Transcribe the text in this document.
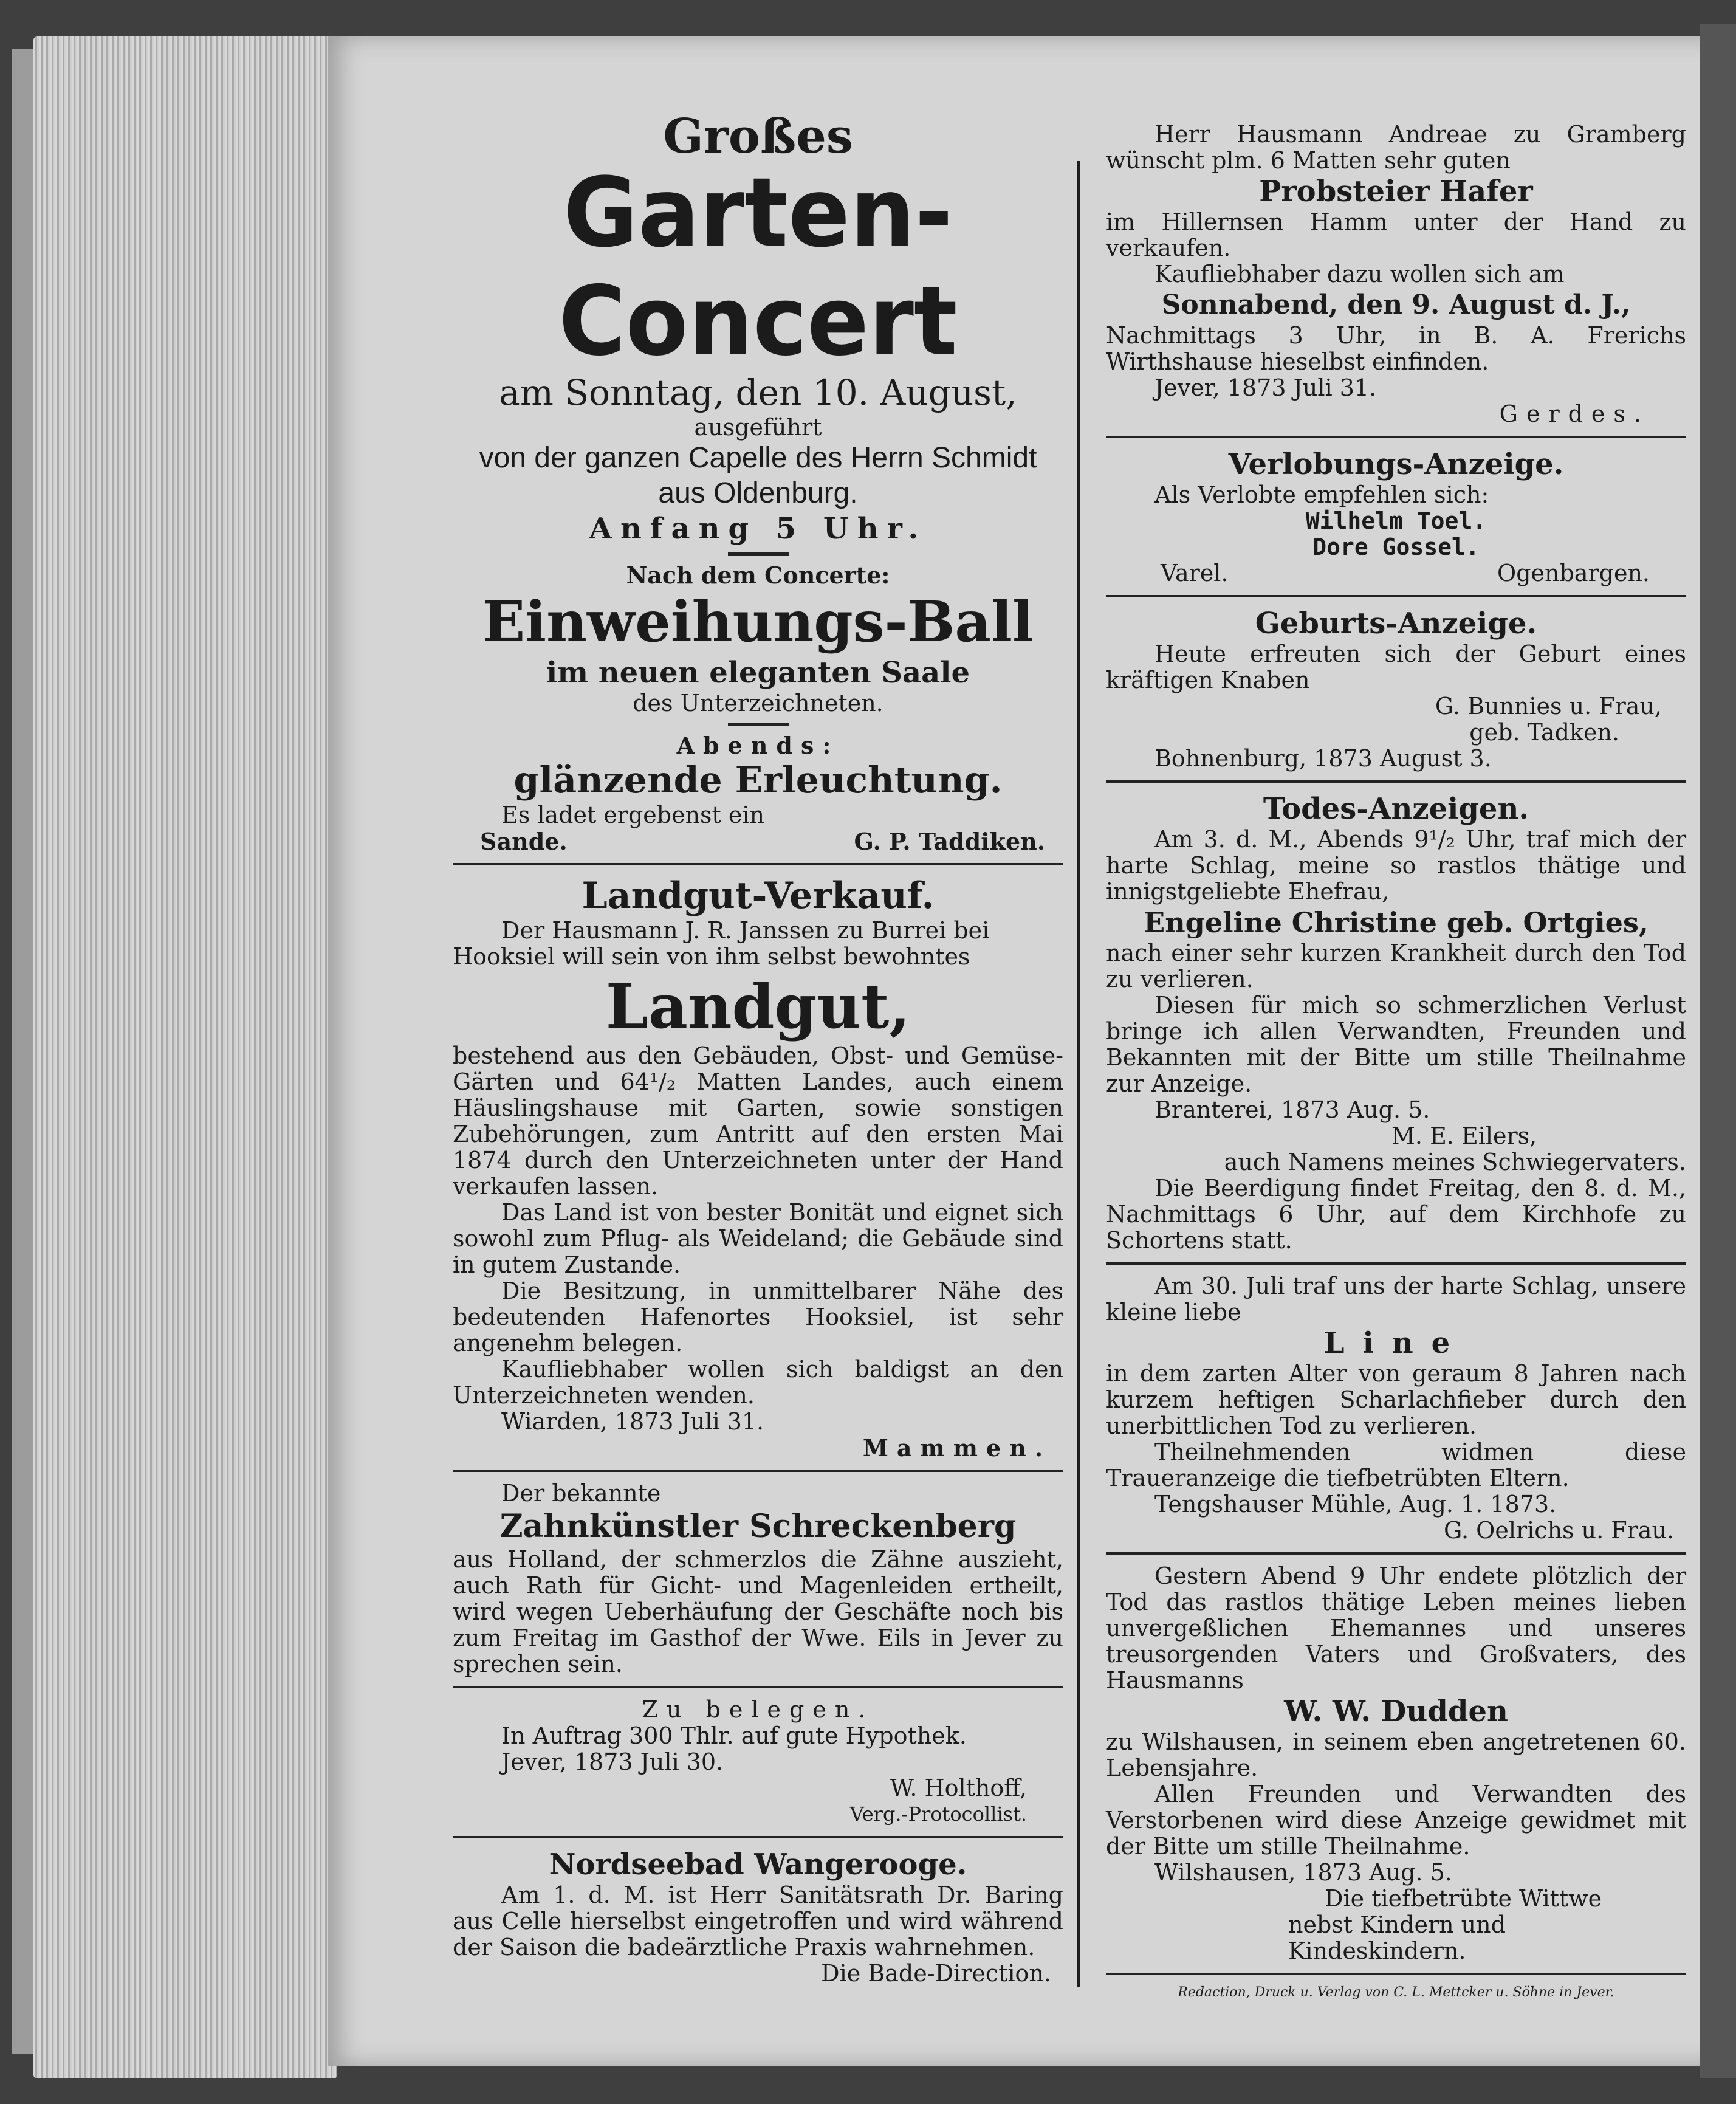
Großes
Garten-Concert
am Sonntag, den 10. August,
ausgeführt
von der ganzen Capelle des Herrn Schmidt
aus Oldenburg.
Anfang 5 Uhr.
Nach dem Concerte:
Einweihungs-Ball
im neuen eleganten Saale
des Unterzeichneten.
Abends:
glänzende Erleuchtung.
Es ladet ergebenst ein
Sande.	G. P. Taddiken.
Landgut-Verkauf.
Der Hausmann J. R. Janssen zu Burrei bei
Hooksiel will sein von ihm selbst bewohntes
Landgut,

bestehend aus den Gebäuden, Obst- und Gemüse-Gärten und 64¹/₂ Matten Landes, auch einem Häuslingshause mit Garten, sowie sonstigen Zubehörungen, zum Antritt auf den ersten Mai 1874 durch den Unterzeichneten unter der Hand verkaufen lassen.

Das Land ist von bester Bonität und eignet sich sowohl zum Pflug- als Weideland; die Gebäude sind in gutem Zustande.

Die Besitzung, in unmittelbarer Nähe des bedeutenden Hafenortes Hooksiel, ist sehr angenehm belegen.

Kaufliebhaber wollen sich baldigst an den Unterzeichneten wenden.

Wiarden, 1873 Juli 31.
Mammen.
Der bekannte
Zahnkünstler Schreckenberg

aus Holland, der schmerzlos die Zähne auszieht, auch Rath für Gicht- und Magenleiden ertheilt, wird wegen Ueberhäufung der Geschäfte noch bis zum Freitag im Gasthof der Wwe. Eils in Jever zu sprechen sein.

Zu belegen.
In Auftrag 300 Thlr. auf gute Hypothek.
Jever, 1873 Juli 30.
W. Holthoff,
Verg.-Protocollist.
Nordseebad Wangerooge.

Am 1. d. M. ist Herr Sanitätsrath Dr. Baring aus Celle hierselbst eingetroffen und wird während der Saison die badeärztliche Praxis wahrnehmen.

Die Bade-Direction.

Herr Hausmann Andreae zu Gramberg wünscht plm. 6 Matten sehr guten

Probsteier Hafer

im Hillernsen Hamm unter der Hand zu verkaufen.

Kaufliebhaber dazu wollen sich am
Sonnabend, den 9. August d. J.,

Nachmittags 3 Uhr, in B. A. Frerichs Wirthshause hieselbst einfinden.

Jever, 1873 Juli 31.
Gerdes.
Verlobungs-Anzeige.
Als Verlobte empfehlen sich:
Wilhelm Toel.
Dore Gossel.
Varel.	Ogenbargen.
Geburts-Anzeige.

Heute erfreuten sich der Geburt eines kräftigen Knaben

G. Bunnies u. Frau,
geb. Tadken.
Bohnenburg, 1873 August 3.
Todes-Anzeigen.

Am 3. d. M., Abends 9¹/₂ Uhr, traf mich der harte Schlag, meine so rastlos thätige und innigstgeliebte Ehefrau,

Engeline Christine geb. Ortgies,

nach einer sehr kurzen Krankheit durch den Tod zu verlieren.

Diesen für mich so schmerzlichen Verlust bringe ich allen Verwandten, Freunden und Bekannten mit der Bitte um stille Theilnahme zur Anzeige.

Branterei, 1873 Aug. 5.
M. E. Eilers,
auch Namens meines Schwiegervaters.

Die Beerdigung findet Freitag, den 8. d. M., Nachmittags 6 Uhr, auf dem Kirchhofe zu Schortens statt.

Am 30. Juli traf uns der harte Schlag, unsere kleine liebe

Line

in dem zarten Alter von geraum 8 Jahren nach kurzem heftigen Scharlachfieber durch den unerbittlichen Tod zu verlieren.

Theilnehmenden widmen diese Traueranzeige die tiefbetrübten Eltern.

Tengshauser Mühle, Aug. 1. 1873.
G. Oelrichs u. Frau.

Gestern Abend 9 Uhr endete plötzlich der Tod das rastlos thätige Leben meines lieben unvergeßlichen Ehemannes und unseres treusorgenden Vaters und Großvaters, des Hausmanns

W. W. Dudden

zu Wilshausen, in seinem eben angetretenen 60. Lebensjahre.

Allen Freunden und Verwandten des Verstorbenen wird diese Anzeige gewidmet mit der Bitte um stille Theilnahme.

Wilshausen, 1873 Aug. 5.
Die tiefbetrübte Wittwe
nebst Kindern und Kindeskindern.
Redaction, Druck u. Verlag von C. L. Mettcker u. Söhne in Jever.
